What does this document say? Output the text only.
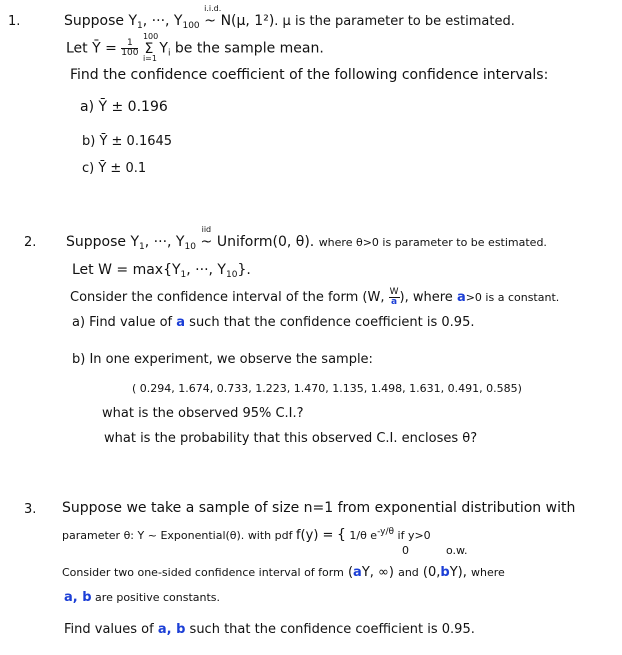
1.	Suppose $Y_1$, ···, $Y_{100}$
i.i.d.
~ N(μ, 1²). μ is the parameter to be estimated.
Let Ȳ = $\frac{1}{100}$

100
Σ
i=1
$Y_i$ be the sample mean.
Find the confidence coefficient of the following confidence intervals:
a) Ȳ ± 0.196
b) Ȳ ± 0.1645
c) Ȳ ± 0.1
2. Suppose $Y_1$, ···, $Y_{10}$
iid
~ Uniform(0, θ). where θ>0 is parameter to be estimated.
Let $W = \max\{Y_1$, ···, $Y_{10}$}.
Consider the confidence interval of the form (W, $\frac{W}{a}$ ), where a>0 is a constant.
a) Find value of a such that the confidence coefficient is 0.95.
b) In one experiment, we observe the sample:
( 0.294, 1.674, 0.733, 1.223, 1.470, 1.135, 1.498, 1.631, 0.491, 0.585)
what is the observed 95% C.I.?
what is the probability that this observed C.I. encloses θ?
3. Suppose we take a sample of size n=1 from exponential distribution with
parameter θ: Y ~ Exponential(θ). with pdf f(y) = { 1/θ $e^{-y/\theta}$ if y>0
0	o.w.
Consider two one-sided confidence interval of form (aY, ∞) and (0,bY), where
a, b are positive constants.
Find values of a, b such that the confidence coefficient is 0.95.
